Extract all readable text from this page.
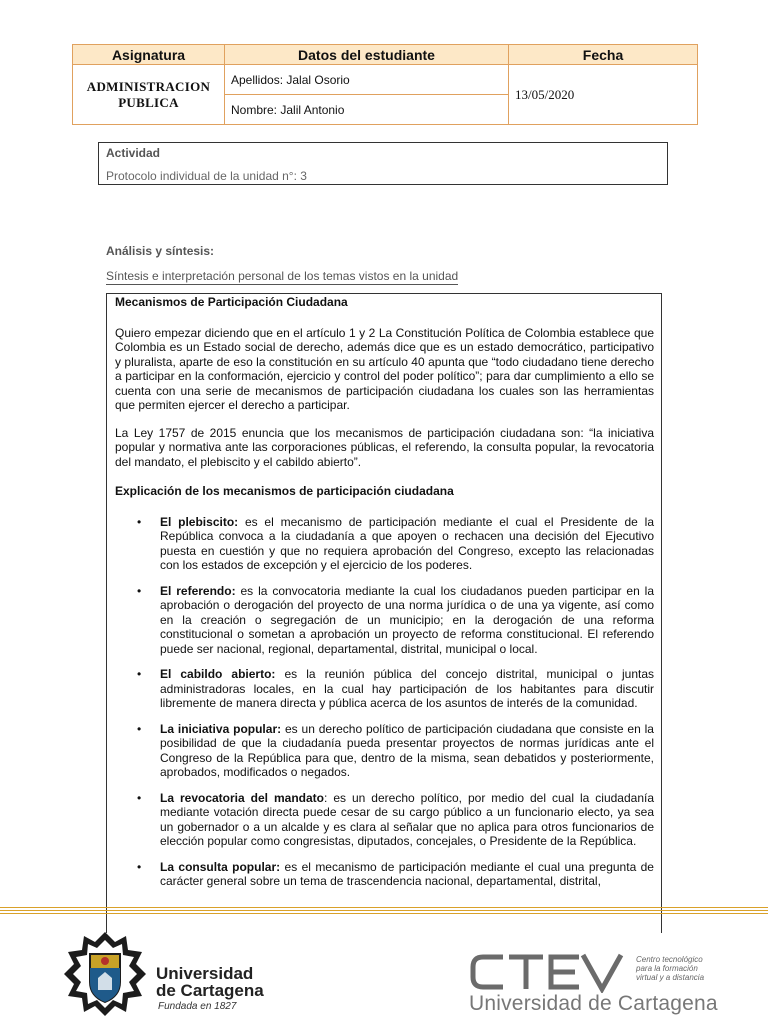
Asignatura	Datos del estudiante	Fecha

ADMINISTRACION
PUBLICA	Apellidos: Jalal Osorio	13/05/2020
	Nombre: Jalil Antonio	
Actividad
Protocolo individual de la unidad n°: 3
Análisis y síntesis:
Síntesis e interpretación personal de los temas vistos en la unidad

Mecanismos de Participación Ciudadana

Quiero empezar diciendo que en el artículo 1 y 2 La Constitución Política de Colombia establece que Colombia es un Estado social de derecho, además dice que es un estado democrático, participativo y pluralista, aparte de eso la constitución en su artículo 40 apunta que “todo ciudadano tiene derecho a participar en la conformación, ejercicio y control del poder político”; para dar cumplimiento a ello se cuenta con una serie de mecanismos de participación ciudadana los cuales son las herramientas que permiten ejercer el derecho a participar.

La Ley 1757 de 2015 enuncia que los mecanismos de participación ciudadana son: “la iniciativa popular y normativa ante las corporaciones públicas, el referendo, la consulta popular, la revocatoria del mandato, el plebiscito y el cabildo abierto”.

Explicación de los mecanismos de participación ciudadana

• El plebiscito: es el mecanismo de participación mediante el cual el Presidente de la República convoca a la ciudadanía a que apoyen o rechacen una decisión del Ejecutivo puesta en cuestión y que no requiera aprobación del Congreso, excepto las relacionadas con los estados de excepción y el ejercicio de los poderes.
• El referendo: es la convocatoria mediante la cual los ciudadanos pueden participar en la aprobación o derogación del proyecto de una norma jurídica o de una ya vigente, así como en la creación o segregación de un municipio; en la derogación de una reforma constitucional o sometan a aprobación un proyecto de reforma constitucional. El referendo puede ser nacional, regional, departamental, distrital, municipal o local.
• El cabildo abierto: es la reunión pública del concejo distrital, municipal o juntas administradoras locales, en la cual hay participación de los habitantes para discutir libremente de manera directa y pública acerca de los asuntos de interés de la comunidad.
• La iniciativa popular: es un derecho político de participación ciudadana que consiste en la posibilidad de que la ciudadanía pueda presentar proyectos de normas jurídicas ante el Congreso de la República para que, dentro de la misma, sean debatidos y posteriormente, aprobados, modificados o negados.
• La revocatoria del mandato: es un derecho político, por medio del cual la ciudadanía mediante votación directa puede cesar de su cargo público a un funcionario electo, ya sea un gobernador o a un alcalde y es clara al señalar que no aplica para otros funcionarios de elección popular como congresistas, diputados, concejales, o Presidente de la República.
• La consulta popular: es el mecanismo de participación mediante el cual una pregunta de carácter general sobre un tema de trascendencia nacional, departamental, distrital,
Universidad
de Cartagena
Fundada en 1827
CTEV
Centro tecnológico
para la formación
virtual y a distancia
Universidad de Cartagena
